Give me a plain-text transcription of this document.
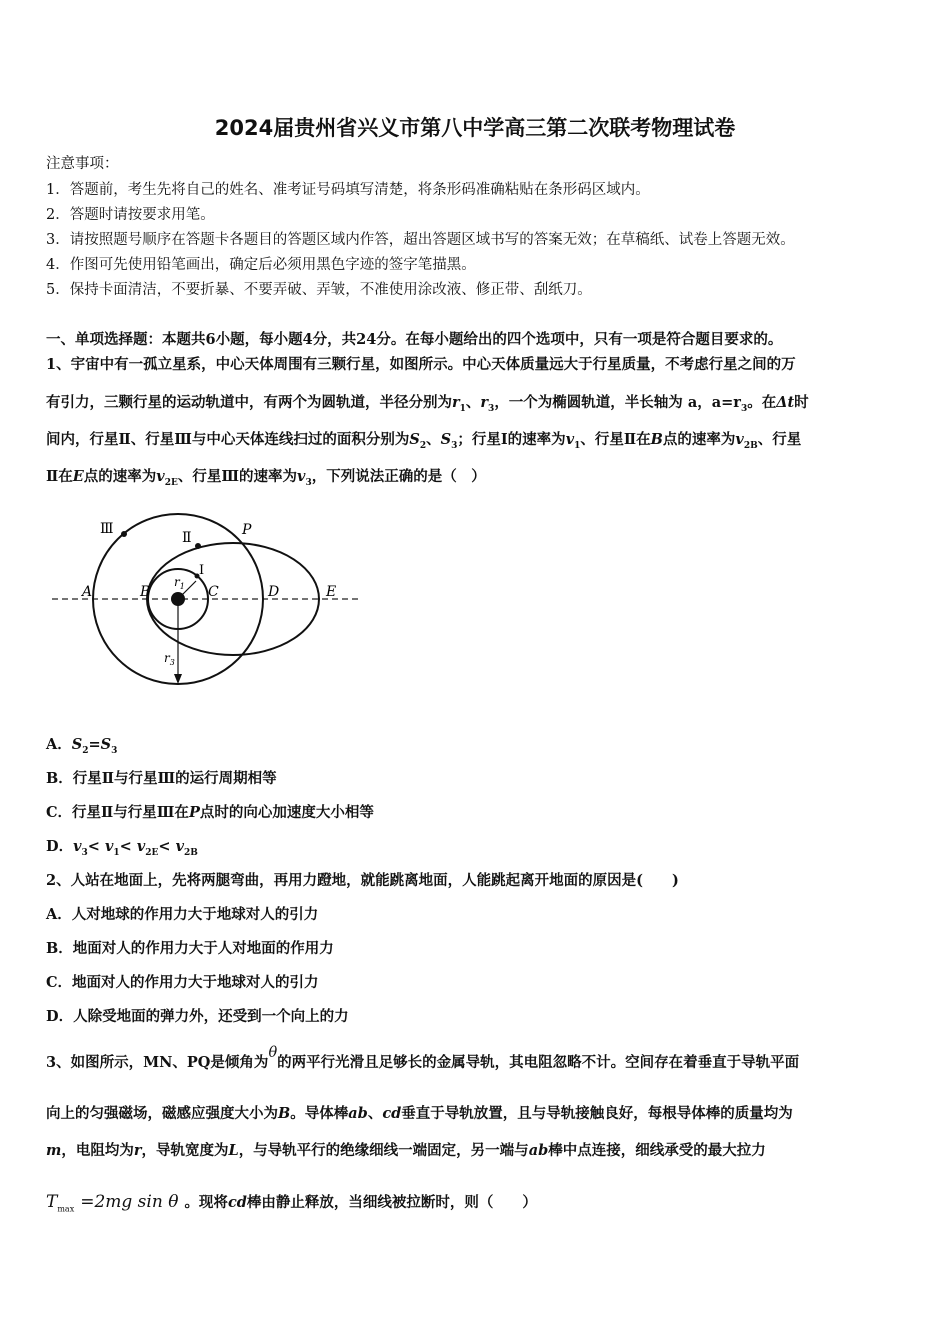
2024届贵州省兴义市第八中学高三第二次联考物理试卷
注意事项：
1．答题前，考生先将自己的姓名、准考证号码填写清楚，将条形码准确粘贴在条形码区域内。
2．答题时请按要求用笔。
3．请按照题号顺序在答题卡各题目的答题区域内作答，超出答题区域书写的答案无效；在草稿纸、试卷上答题无效。
4．作图可先使用铅笔画出，确定后必须用黑色字迹的签字笔描黑。
5．保持卡面清洁，不要折暴、不要弄破、弄皱，不准使用涂改液、修正带、刮纸刀。
一、单项选择题：本题共6小题，每小题4分，共24分。在每小题给出的四个选项中，只有一项是符合题目要求的。
1、宇宙中有一孤立星系，中心天体周围有三颗行星，如图所示。中心天体质量远大于行星质量，不考虑行星之间的万
有引力，三颗行星的运动轨道中，有两个为圆轨道，半径分别为$r_1$、$r_3$，一个为椭圆轨道，半长轴为 a，$a=r_3$。在Δt时
间内，行星Ⅱ、行星Ⅲ与中心天体连线扫过的面积分别为$S_2$、$S_3$；行星Ⅰ的速率为$v_1$、行星Ⅱ在B点的速率为$v_{2B}$、行星
Ⅱ在E点的速率为$v_{2E}$、行星Ⅲ的速率为$v_3$，下列说法正确的是（　）
Ⅲ
Ⅱ
Ⅰ
P
A	B	C	D	E
$r_1$
$r_3$
A．$S_2=S_3$
B．行星Ⅱ与行星Ⅲ的运行周期相等
C．行星Ⅱ与行星Ⅲ在P点时的向心加速度大小相等
D．$v_3< v_1< v_{2E}< v_{2B}$
2、人站在地面上，先将两腿弯曲，再用力蹬地，就能跳离地面，人能跳起离开地面的原因是(　　)
A．人对地球的作用力大于地球对人的引力
B．地面对人的作用力大于人对地面的作用力
C．地面对人的作用力大于地球对人的引力
D．人除受地面的弹力外，还受到一个向上的力
3、如图所示，MN、PQ是倾角为θ的两平行光滑且足够长的金属导轨，其电阻忽略不计。空间存在着垂直于导轨平面
向上的匀强磁场，磁感应强度大小为B。导体棒ab、cd垂直于导轨放置，且与导轨接触良好，每根导体棒的质量均为
m，电阻均为r，导轨宽度为L，与导轨平行的绝缘细线一端固定，另一端与ab棒中点连接，细线承受的最大拉力
$T_{max} =2mg$ sin θ 。现将cd棒由静止释放，当细线被拉断时，则（　　）
